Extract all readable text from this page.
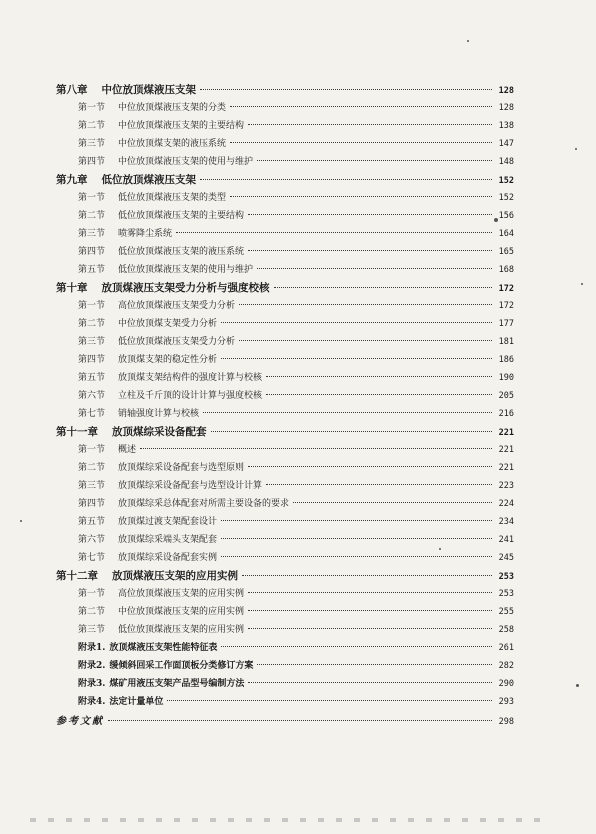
第八章 中位放顶煤液压支架	128
第一节	中位放顶煤液压支架的分类	128
第二节	中位放顶煤液压支架的主要结构	138
第三节	中位放顶煤支架的液压系统	147
第四节	中位放顶煤液压支架的使用与维护	148
第九章 低位放顶煤液压支架	152
第一节	低位放顶煤液压支架的类型	152
第二节	低位放顶煤液压支架的主要结构	156
第三节	喷雾降尘系统	164
第四节	低位放顶煤液压支架的液压系统	165
第五节	低位放顶煤液压支架的使用与维护	168
第十章 放顶煤液压支架受力分析与强度校核	172
第一节	高位放顶煤液压支架受力分析	172
第二节	中位放顶煤支架受力分析	177
第三节	低位放顶煤液压支架受力分析	181
第四节	放顶煤支架的稳定性分析	186
第五节	放顶煤支架结构件的强度计算与校核	190
第六节	立柱及千斤顶的设计计算与强度校核	205
第七节	销轴强度计算与校核	216
第十一章 放顶煤综采设备配套	221
第一节	概述	221
第二节	放顶煤综采设备配套与选型原则	221
第三节	放顶煤综采设备配套与选型设计计算	223
第四节	放顶煤综采总体配套对所需主要设备的要求	224
第五节	放顶煤过渡支架配套设计	234
第六节	放顶煤综采端头支架配套	241
第七节	放顶煤综采设备配套实例	245
第十二章 放顶煤液压支架的应用实例	253
第一节	高位放顶煤液压支架的应用实例	253
第二节	中位放顶煤液压支架的应用实例	255
第三节	低位放顶煤液压支架的应用实例	258
附录1. 放顶煤液压支架性能特征表	261
附录2. 缓倾斜回采工作面顶板分类修订方案	282
附录3. 煤矿用液压支架产品型号编制方法	290
附录4. 法定计量单位	293
参考文献	298
